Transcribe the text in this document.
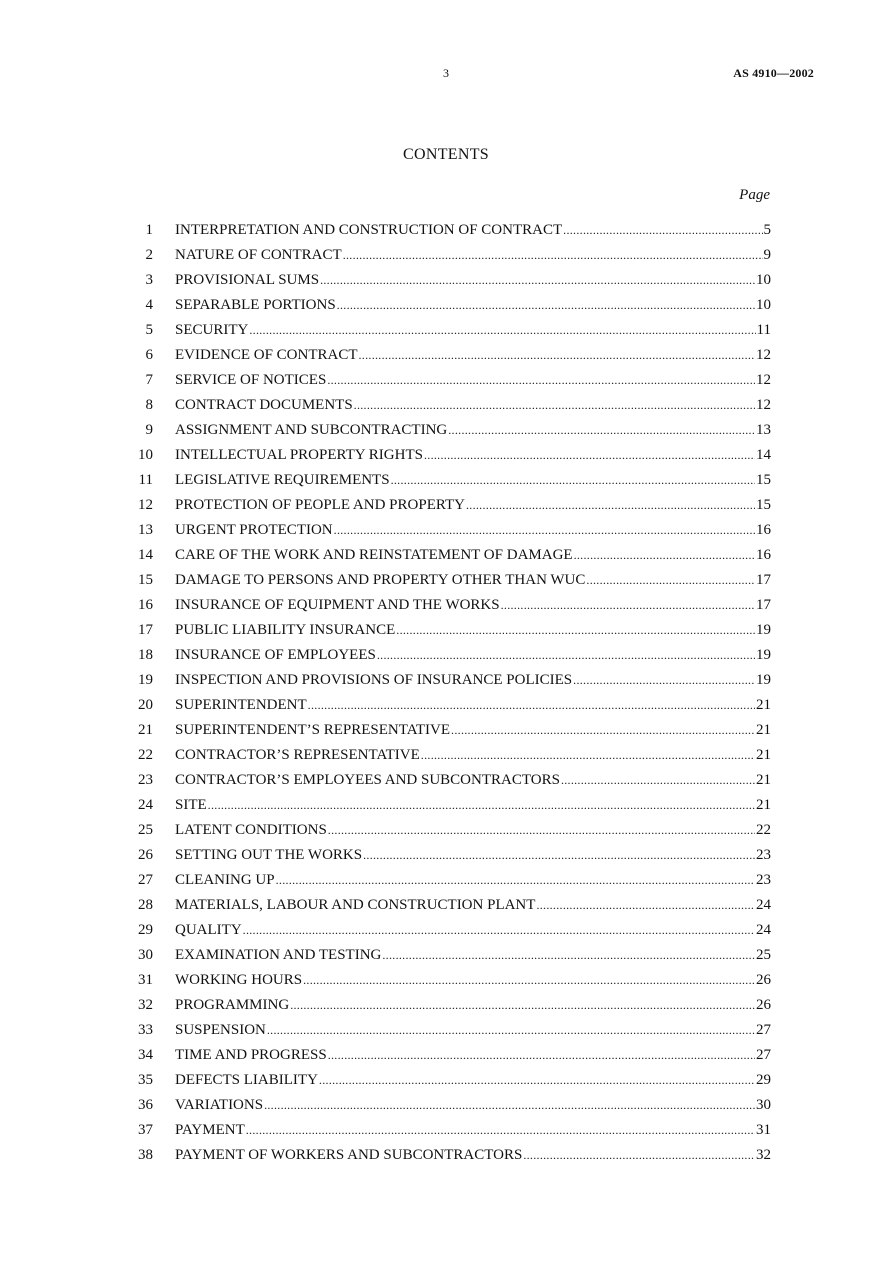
3	AS 4910—2002
CONTENTS
Page
1 INTERPRETATION AND CONSTRUCTION OF CONTRACT .....	5
2 NATURE OF CONTRACT .....	9
3 PROVISIONAL SUMS .....	10
4 SEPARABLE PORTIONS .....	10
5 SECURITY .....	11
6 EVIDENCE OF CONTRACT .....	12
7 SERVICE OF NOTICES .....	12
8 CONTRACT DOCUMENTS .....	12
9 ASSIGNMENT AND SUBCONTRACTING .....	13
10 INTELLECTUAL PROPERTY RIGHTS .....	14
11 LEGISLATIVE REQUIREMENTS .....	15
12 PROTECTION OF PEOPLE AND PROPERTY .....	15
13 URGENT PROTECTION .....	16
14 CARE OF THE WORK AND REINSTATEMENT OF DAMAGE .....	16
15 DAMAGE TO PERSONS AND PROPERTY OTHER THAN WUC .....	17
16 INSURANCE OF EQUIPMENT AND THE WORKS .....	17
17 PUBLIC LIABILITY INSURANCE .....	19
18 INSURANCE OF EMPLOYEES .....	19
19 INSPECTION AND PROVISIONS OF INSURANCE POLICIES .....	19
20 SUPERINTENDENT .....	21
21 SUPERINTENDENT’S REPRESENTATIVE .....	21
22 CONTRACTOR’S REPRESENTATIVE .....	21
23 CONTRACTOR’S EMPLOYEES AND SUBCONTRACTORS .....	21
24 SITE .....	21
25 LATENT CONDITIONS .....	22
26 SETTING OUT THE WORKS .....	23
27 CLEANING UP .....	23
28 MATERIALS, LABOUR AND CONSTRUCTION PLANT .....	24
29 QUALITY .....	24
30 EXAMINATION AND TESTING .....	25
31 WORKING HOURS .....	26
32 PROGRAMMING .....	26
33 SUSPENSION .....	27
34 TIME AND PROGRESS .....	27
35 DEFECTS LIABILITY .....	29
36 VARIATIONS .....	30
37 PAYMENT .....	31
38 PAYMENT OF WORKERS AND SUBCONTRACTORS .....	32
